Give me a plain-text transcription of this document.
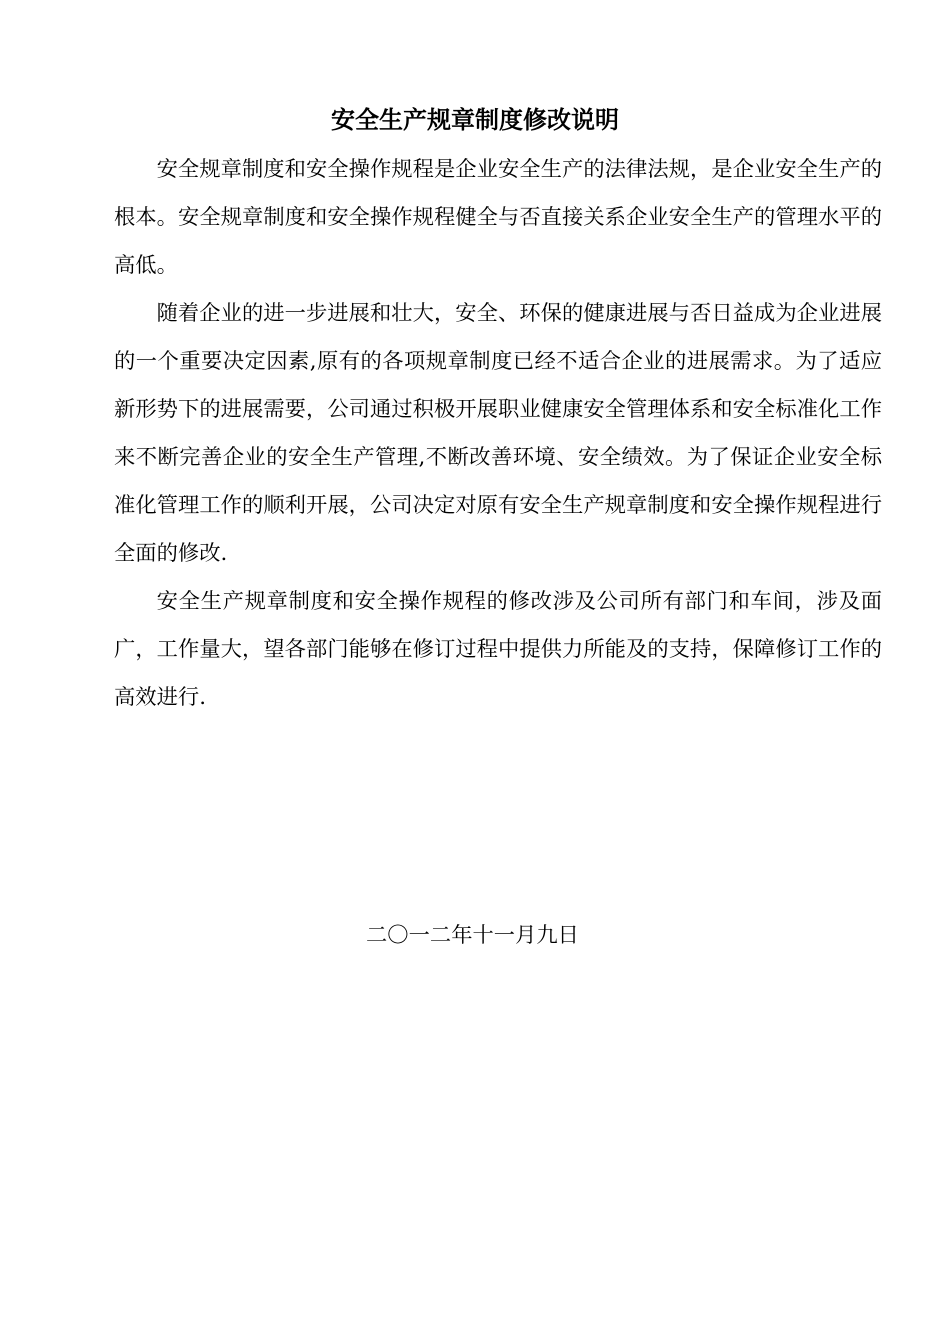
安全生产规章制度修改说明

安全规章制度和安全操作规程是企业安全生产的法律法规，是企业安全生产的根本。安全规章制度和安全操作规程健全与否直接关系企业安全生产的管理水平的高低。

随着企业的进一步进展和壮大，安全、环保的健康进展与否日益成为企业进展的一个重要决定因素,原有的各项规章制度已经不适合企业的进展需求。为了适应新形势下的进展需要，公司通过积极开展职业健康安全管理体系和安全标准化工作来不断完善企业的安全生产管理,不断改善环境、安全绩效。为了保证企业安全标准化管理工作的顺利开展，公司决定对原有安全生产规章制度和安全操作规程进行全面的修改.

安全生产规章制度和安全操作规程的修改涉及公司所有部门和车间，涉及面广，工作量大，望各部门能够在修订过程中提供力所能及的支持，保障修订工作的高效进行.

二〇一二年十一月九日
